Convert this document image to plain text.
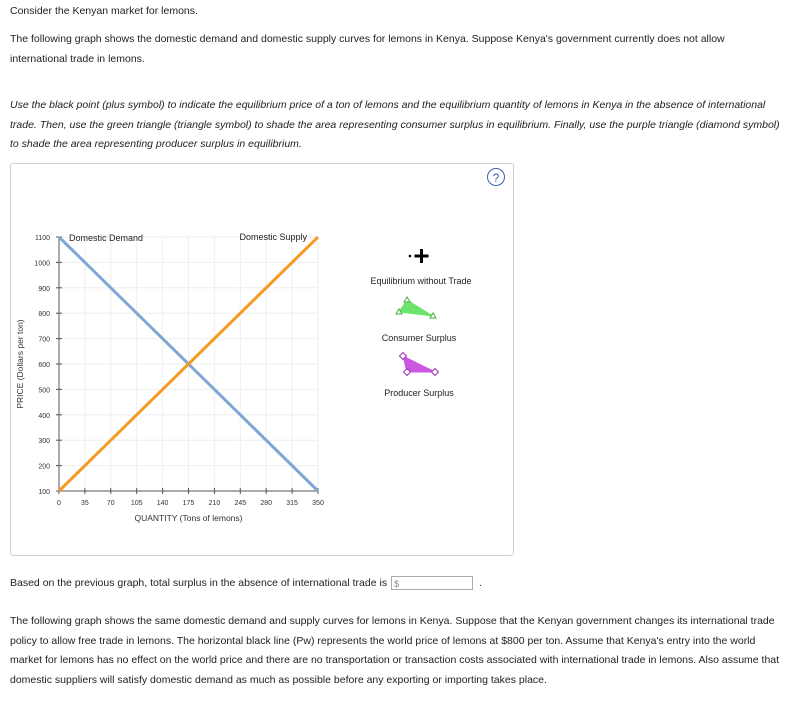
Consider the Kenyan market for lemons.

The following graph shows the domestic demand and domestic supply curves for lemons in Kenya. Suppose Kenya's government currently does not allow international trade in lemons.

Use the black point (plus symbol) to indicate the equilibrium price of a ton of lemons and the equilibrium quantity of lemons in Kenya in the absence of international trade. Then, use the green triangle (triangle symbol) to shade the area representing consumer surplus in equilibrium. Finally, use the purple triangle (diamond symbol) to shade the area representing producer surplus in equilibrium.

?
100
200
300
400
500
600
700
800
900
1000
1100
0	35	70 105 140 175 210 245 280 315 350
QUANTITY (Tons of lemons)
PRICE (Dollars per ton)
Domestic Demand	Domestic Supply
Equilibrium without Trade
Consumer Surplus
Producer Surplus
Based on the previous graph, total surplus in the absence of international trade is $	.

The following graph shows the same domestic demand and supply curves for lemons in Kenya. Suppose that the Kenyan government changes its international trade policy to allow free trade in lemons. The horizontal black line (Pw) represents the world price of lemons at $800 per ton. Assume that Kenya's entry into the world market for lemons has no effect on the world price and there are no transportation or transaction costs associated with international trade in lemons. Also assume that domestic suppliers will satisfy domestic demand as much as possible before any exporting or importing takes place.
